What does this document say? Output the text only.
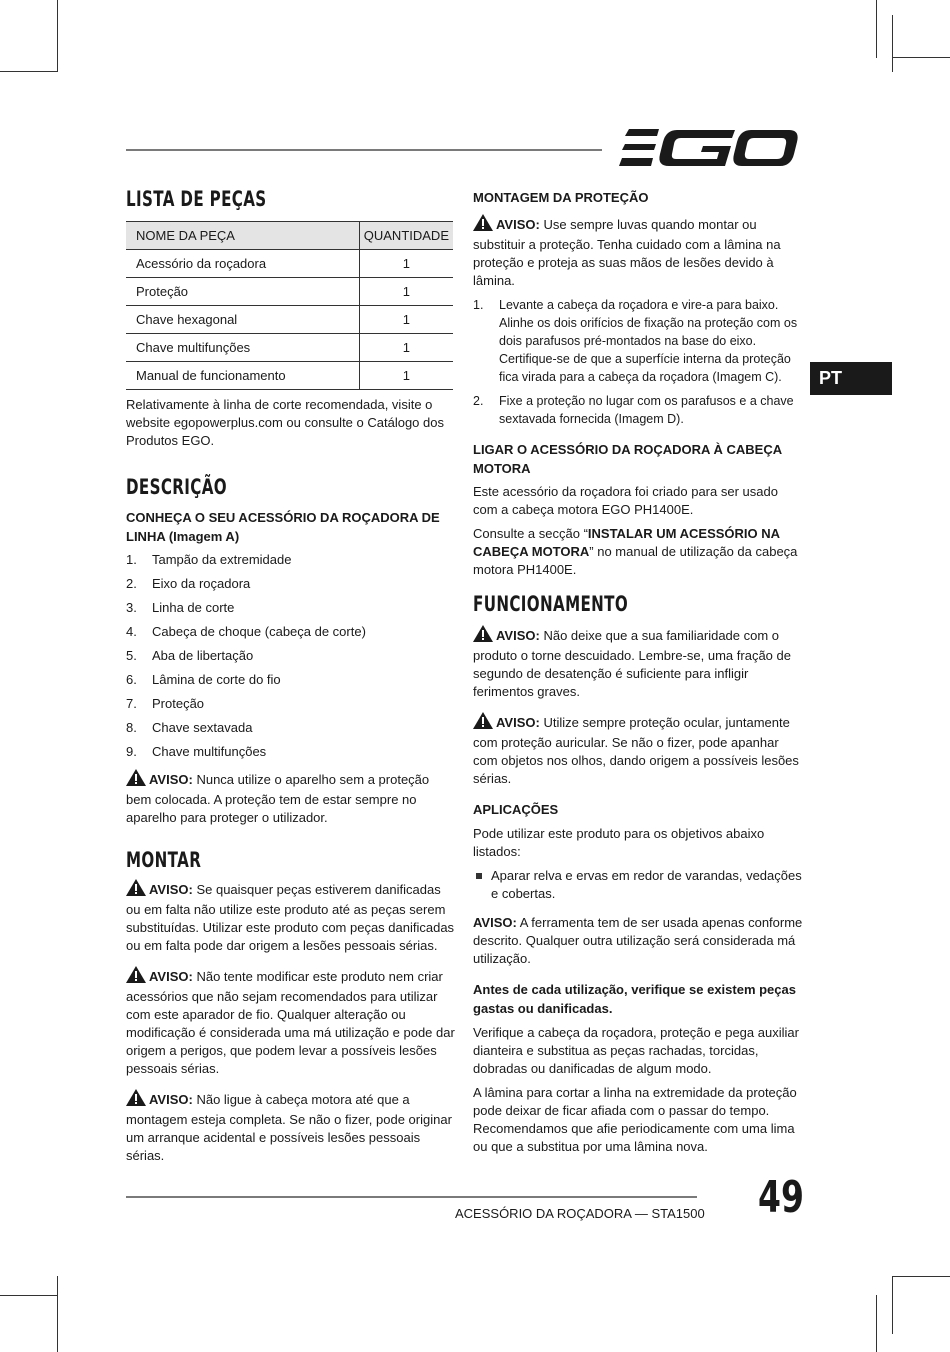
LISTA DE PEÇAS
NOME DA PEÇA	QUANTIDADE
Acessório da roçadora	1
Proteção	1
Chave hexagonal	1
Chave multifunções	1
Manual de funcionamento	1

Relativamente à linha de corte recomendada, visite o website egopowerplus.com ou consulte o Catálogo dos Produtos EGO.

DESCRIÇÃO

CONHEÇA O SEU ACESSÓRIO DA ROÇADORA DE LINHA (Imagem A)

1.	Tampão da extremidade
2.	Eixo da roçadora
3.	Linha de corte
4.	Cabeça de choque (cabeça de corte)
5.	Aba de libertação
6.	Lâmina de corte do fio
7.	Proteção
8.	Chave sextavada
9.	Chave multifunções

AVISO: Nunca utilize o aparelho sem a proteção bem colocada. A proteção tem de estar sempre no aparelho para proteger o utilizador.

MONTAR

AVISO: Se quaisquer peças estiverem danificadas ou em falta não utilize este produto até as peças serem substituídas. Utilizar este produto com peças danificadas ou em falta pode dar origem a lesões pessoais sérias.

AVISO: Não tente modificar este produto nem criar acessórios que não sejam recomendados para utilizar com este aparador de fio. Qualquer alteração ou modificação é considerada uma má utilização e pode dar origem a perigos, que podem levar a possíveis lesões pessoais sérias.

AVISO: Não ligue à cabeça motora até que a montagem esteja completa. Se não o fizer, pode originar um arranque acidental e possíveis lesões pessoais sérias.

MONTAGEM DA PROTEÇÃO

AVISO: Use sempre luvas quando montar ou substituir a proteção. Tenha cuidado com a lâmina na proteção e proteja as suas mãos de lesões devido à lâmina.

1.	Levante a cabeça da roçadora e vire-a para baixo. Alinhe os dois orifícios de fixação na proteção com os dois parafusos pré-montados na base do eixo. Certifique-se de que a superfície interna da proteção fica virada para a cabeça da roçadora (Imagem C).
2.	Fixe a proteção no lugar com os parafusos e a chave sextavada fornecida (Imagem D).

LIGAR O ACESSÓRIO DA ROÇADORA À CABEÇA MOTORA

Este acessório da roçadora foi criado para ser usado com a cabeça motora EGO PH1400E.

Consulte a secção “INSTALAR UM ACESSÓRIO NA CABEÇA MOTORA” no manual de utilização da cabeça motora PH1400E.

FUNCIONAMENTO

AVISO: Não deixe que a sua familiaridade com o produto o torne descuidado. Lembre-se, uma fração de segundo de desatenção é suficiente para infligir ferimentos graves.

AVISO: Utilize sempre proteção ocular, juntamente com proteção auricular. Se não o fizer, pode apanhar com objetos nos olhos, dando origem a possíveis lesões sérias.

APLICAÇÕES

Pode utilizar este produto para os objetivos abaixo listados:

Aparar relva e ervas em redor de varandas, vedações e cobertas.

AVISO: A ferramenta tem de ser usada apenas conforme descrito. Qualquer outra utilização será considerada má utilização.

Antes de cada utilização, verifique se existem peças gastas ou danificadas.

Verifique a cabeça da roçadora, proteção e pega auxiliar dianteira e substitua as peças rachadas, torcidas, dobradas ou danificadas de algum modo.

A lâmina para cortar a linha na extremidade da proteção pode deixar de ficar afiada com o passar do tempo. Recomendamos que afie periodicamente com uma lima ou que a substitua por uma lâmina nova.

PT
ACESSÓRIO DA ROÇADORA — STA1500 49
